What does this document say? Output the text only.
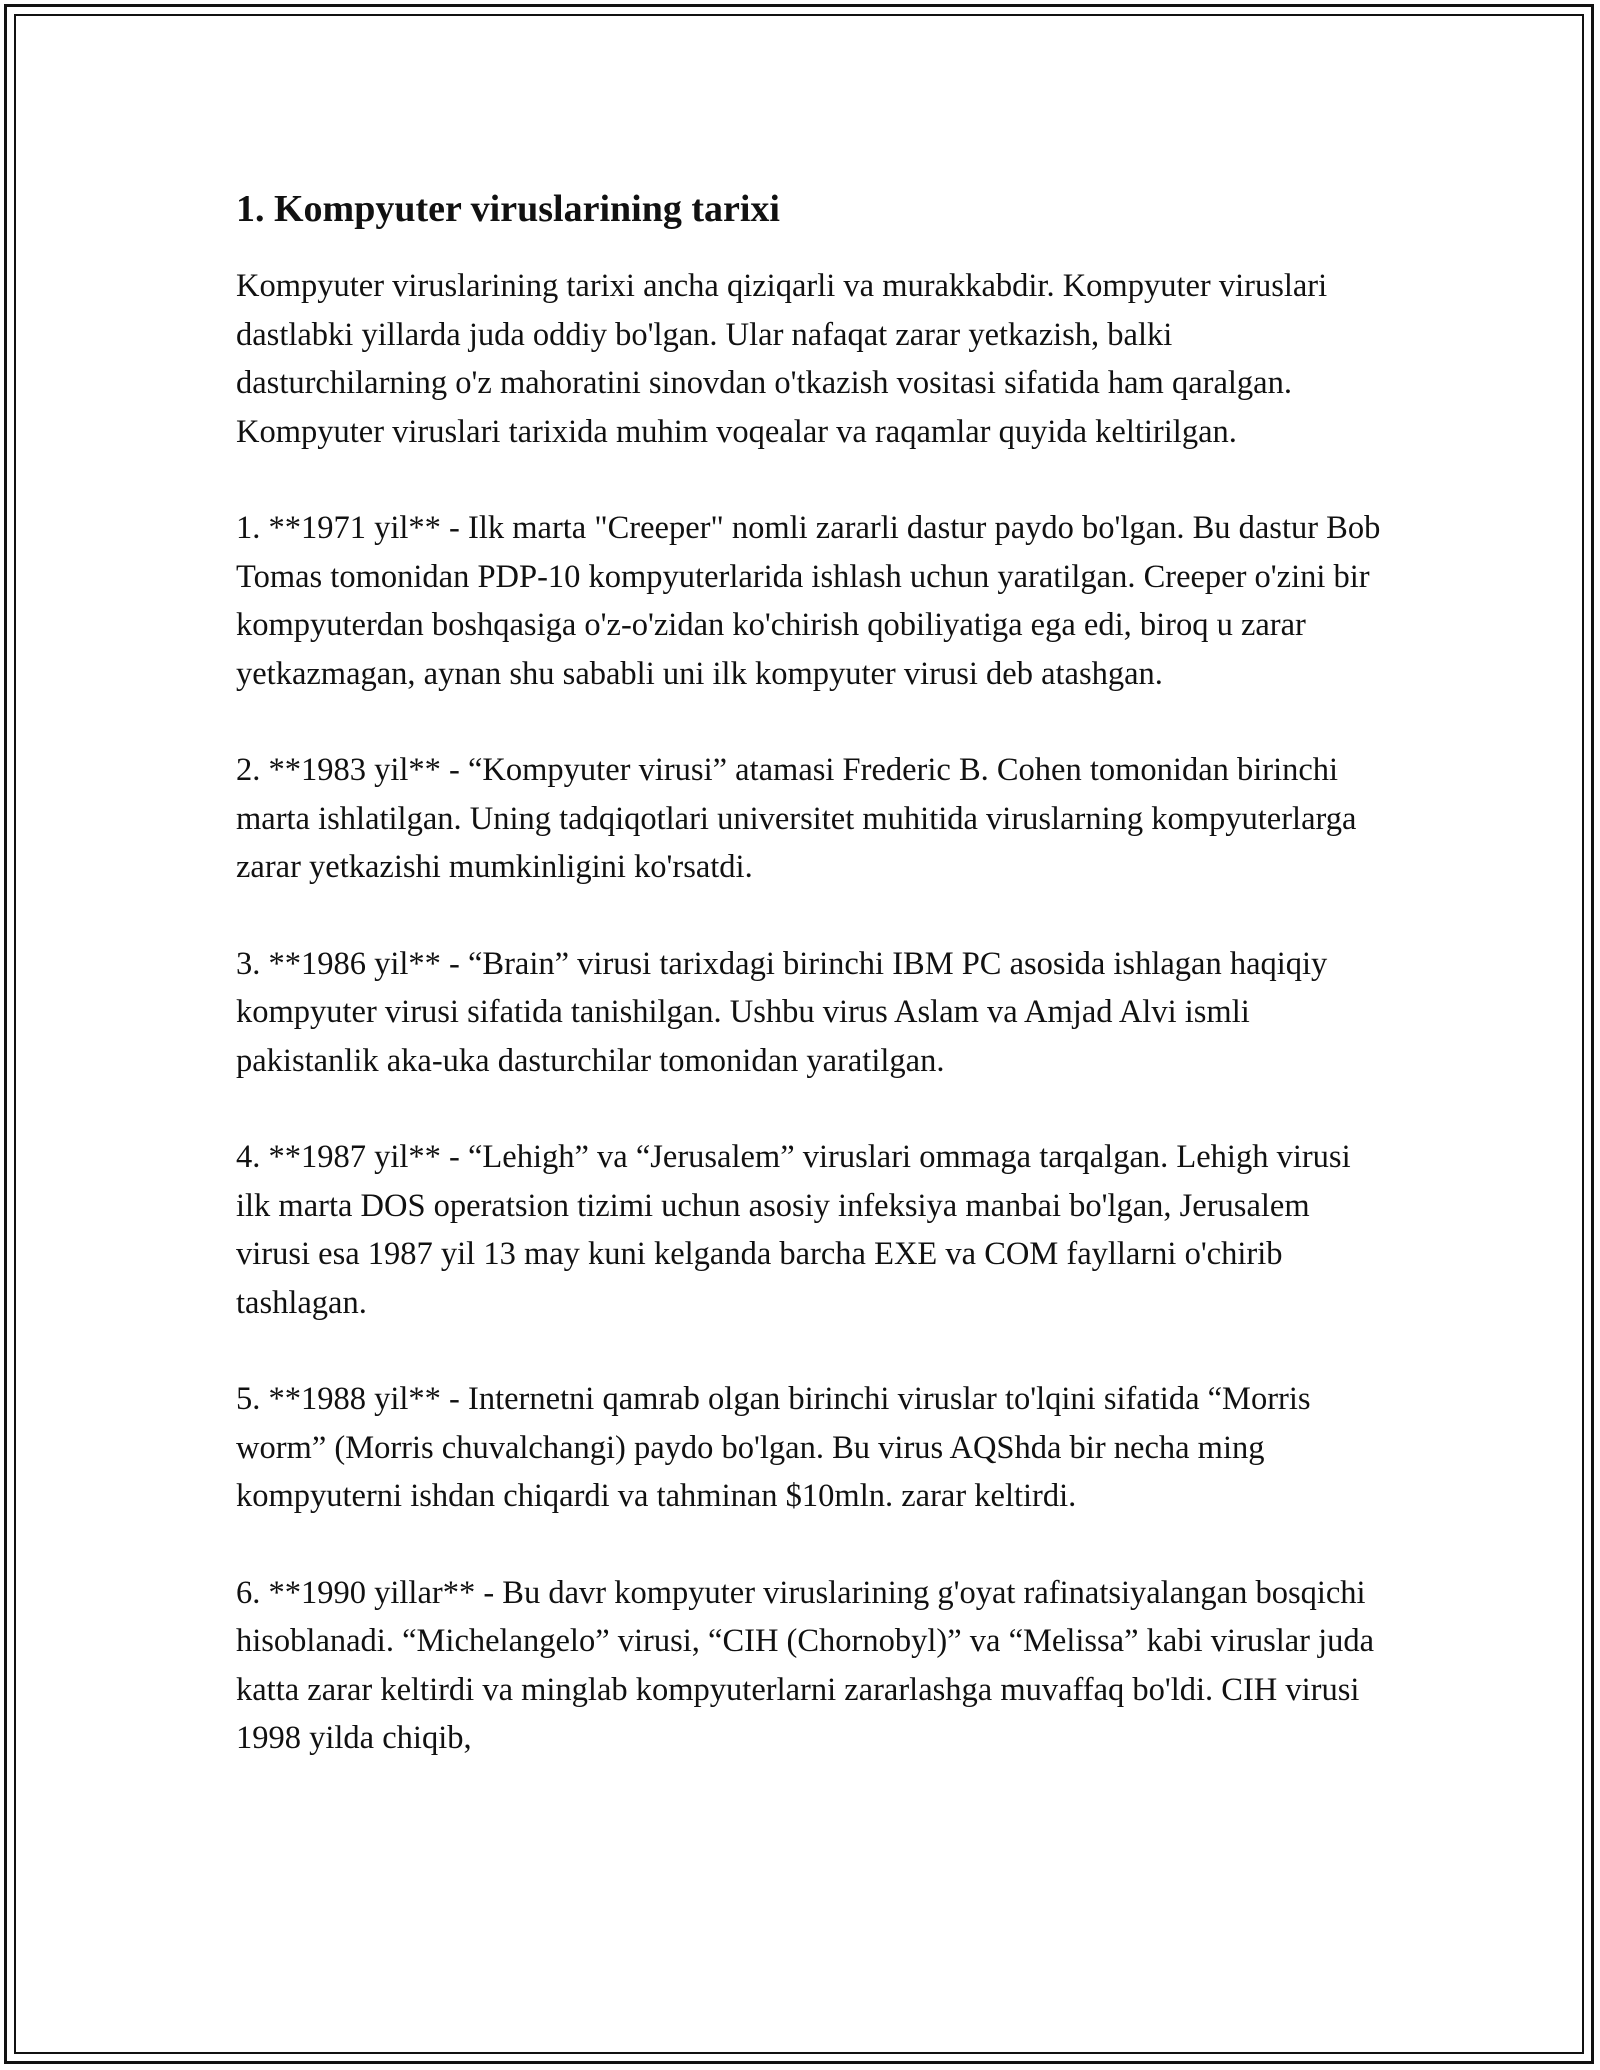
1. Kompyuter viruslarining tarixi

Kompyuter viruslarining tarixi ancha qiziqarli va murakkabdir. Kompyuter viruslari dastlabki yillarda juda oddiy bo'lgan. Ular nafaqat zarar yetkazish, balki dasturchilarning o'z mahoratini sinovdan o'tkazish vositasi sifatida ham qaralgan. Kompyuter viruslari tarixida muhim voqealar va raqamlar quyida keltirilgan.

1. **1971 yil** - Ilk marta "Creeper" nomli zararli dastur paydo bo'lgan. Bu dastur Bob Tomas tomonidan PDP-10 kompyuterlarida ishlash uchun yaratilgan. Creeper o'zini bir kompyuterdan boshqasiga o'z-o'zidan ko'chirish qobiliyatiga ega edi, biroq u zarar yetkazmagan, aynan shu sababli uni ilk kompyuter virusi deb atashgan.

2. **1983 yil** - “Kompyuter virusi” atamasi Frederic B. Cohen tomonidan birinchi marta ishlatilgan. Uning tadqiqotlari universitet muhitida viruslarning kompyuterlarga zarar yetkazishi mumkinligini ko'rsatdi.

3. **1986 yil** - “Brain” virusi tarixdagi birinchi IBM PC asosida ishlagan haqiqiy kompyuter virusi sifatida tanishilgan. Ushbu virus Aslam va Amjad Alvi ismli pakistanlik aka-uka dasturchilar tomonidan yaratilgan.

4. **1987 yil** - “Lehigh” va “Jerusalem” viruslari ommaga tarqalgan. Lehigh virusi ilk marta DOS operatsion tizimi uchun asosiy infeksiya manbai bo'lgan, Jerusalem virusi esa 1987 yil 13 may kuni kelganda barcha EXE va COM fayllarni o'chirib tashlagan.

5. **1988 yil** - Internetni qamrab olgan birinchi viruslar to'lqini sifatida “Morris worm” (Morris chuvalchangi) paydo bo'lgan. Bu virus AQShda bir necha ming kompyuterni ishdan chiqardi va tahminan $10mln. zarar keltirdi.

6. **1990 yillar** - Bu davr kompyuter viruslarining g'oyat rafinatsiyalangan bosqichi hisoblanadi. “Michelangelo” virusi, “CIH (Chornobyl)” va “Melissa” kabi viruslar juda katta zarar keltirdi va minglab kompyuterlarni zararlashga muvaffaq bo'ldi. CIH virusi 1998 yilda chiqib,
